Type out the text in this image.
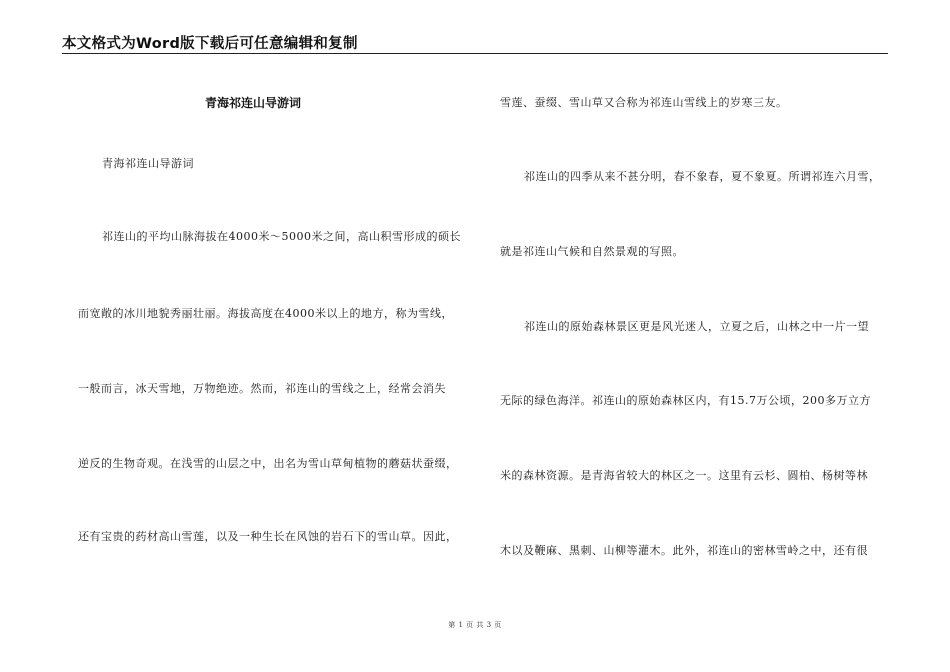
本文格式为Word版下载后可任意编辑和复制
青海祁连山导游词
青海祁连山导游词
祁连山的平均山脉海拔在4000米～5000米之间，高山积雪形成的硕长
而宽敞的冰川地貌秀丽壮丽。海拔高度在4000米以上的地方，称为雪线，
一般而言，冰天雪地，万物绝迹。然而，祁连山的雪线之上，经常会消失
逆反的生物奇观。在浅雪的山层之中，出名为雪山草甸植物的蘑菇状蚕缀，
还有宝贵的药材高山雪莲，以及一种生长在风蚀的岩石下的雪山草。因此，
雪莲、蚕缀、雪山草又合称为祁连山雪线上的岁寒三友。
祁连山的四季从来不甚分明，春不象春，夏不象夏。所谓祁连六月雪，
就是祁连山气候和自然景观的写照。
祁连山的原始森林景区更是风光迷人，立夏之后，山林之中一片一望
无际的绿色海洋。祁连山的原始森林区内，有15.7万公顷，200多万立方
米的森林资源。是青海省较大的林区之一。这里有云杉、圆柏、杨树等林
木以及鞭麻、黑刺、山柳等灌木。此外，祁连山的密林雪岭之中，还有很
第 1 页 共 3 页
